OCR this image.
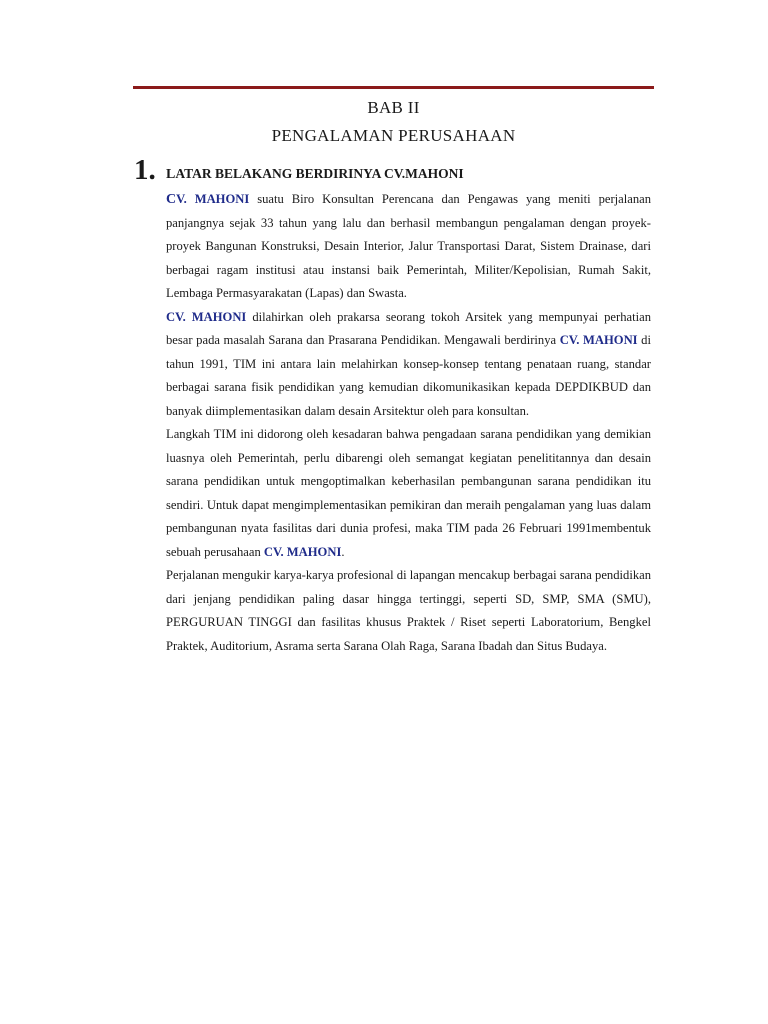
BAB II
PENGALAMAN PERUSAHAAN
1. LATAR BELAKANG BERDIRINYA CV.MAHONI

CV. MAHONI suatu Biro Konsultan Perencana dan Pengawas yang meniti perjalanan panjangnya sejak 33 tahun yang lalu dan berhasil membangun pengalaman dengan proyek-proyek Bangunan Konstruksi, Desain Interior, Jalur Transportasi Darat, Sistem Drainase, dari berbagai ragam institusi atau instansi baik Pemerintah, Militer/Kepolisian, Rumah Sakit, Lembaga Permasyarakatan (Lapas) dan Swasta.

CV. MAHONI dilahirkan oleh prakarsa seorang tokoh Arsitek yang mempunyai perhatian besar pada masalah Sarana dan Prasarana Pendidikan. Mengawali berdirinya CV. MAHONI di tahun 1991, TIM ini antara lain melahirkan konsep-konsep tentang penataan ruang, standar berbagai sarana fisik pendidikan yang kemudian dikomunikasikan kepada DEPDIKBUD dan banyak diimplementasikan dalam desain Arsitektur oleh para konsultan.

Langkah TIM ini didorong oleh kesadaran bahwa pengadaan sarana pendidikan yang demikian luasnya oleh Pemerintah, perlu dibarengi oleh semangat kegiatan penelititannya dan desain sarana pendidikan untuk mengoptimalkan keberhasilan pembangunan sarana pendidikan itu sendiri. Untuk dapat mengimplementasikan pemikiran dan meraih pengalaman yang luas dalam pembangunan nyata fasilitas dari dunia profesi, maka TIM pada 26 Februari 1991membentuk sebuah perusahaan CV. MAHONI.

Perjalanan mengukir karya-karya profesional di lapangan mencakup berbagai sarana pendidikan dari jenjang pendidikan paling dasar hingga tertinggi, seperti SD, SMP, SMA (SMU), PERGURUAN TINGGI dan fasilitas khusus Praktek / Riset seperti Laboratorium, Bengkel Praktek, Auditorium, Asrama serta Sarana Olah Raga, Sarana Ibadah dan Situs Budaya.
